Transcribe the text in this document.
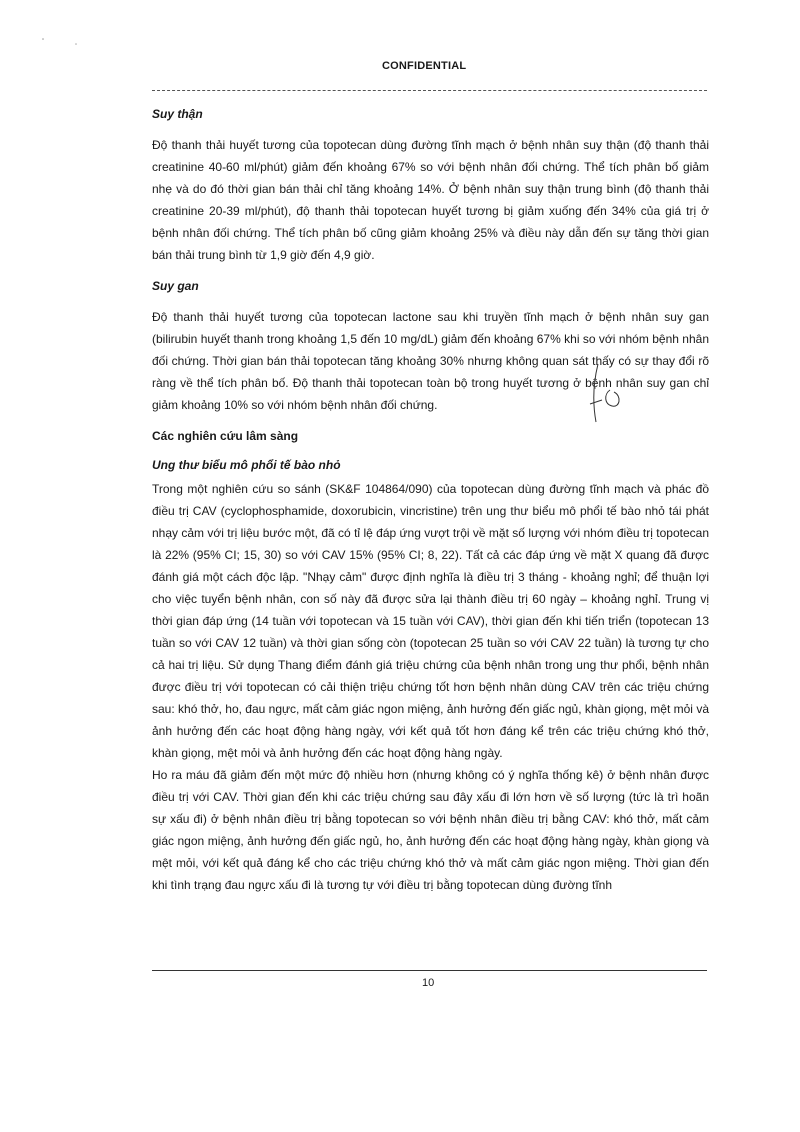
CONFIDENTIAL
Suy thận

Độ thanh thải huyết tương của topotecan dùng đường tĩnh mạch ở bệnh nhân suy thận (độ thanh thải creatinine 40-60 ml/phút) giảm đến khoảng 67% so với bệnh nhân đối chứng. Thể tích phân bố giảm nhẹ và do đó thời gian bán thải chỉ tăng khoảng 14%. Ở bệnh nhân suy thận trung bình (độ thanh thải creatinine 20-39 ml/phút), độ thanh thải topotecan huyết tương bị giảm xuống đến 34% của giá trị ở bệnh nhân đối chứng. Thể tích phân bố cũng giảm khoảng 25% và điều này dẫn đến sự tăng thời gian bán thải trung bình từ 1,9 giờ đến 4,9 giờ.

Suy gan

Độ thanh thải huyết tương của topotecan lactone sau khi truyền tĩnh mạch ở bệnh nhân suy gan (bilirubin huyết thanh trong khoảng 1,5 đến 10 mg/dL) giảm đến khoảng 67% khi so với nhóm bệnh nhân đối chứng. Thời gian bán thải topotecan tăng khoảng 30% nhưng không quan sát thấy có sự thay đổi rõ ràng về thể tích phân bố. Độ thanh thải topotecan toàn bộ trong huyết tương ở bệnh nhân suy gan chỉ giảm khoảng 10% so với nhóm bệnh nhân đối chứng.

Các nghiên cứu lâm sàng
Ung thư biểu mô phổi tế bào nhỏ

Trong một nghiên cứu so sánh (SK&F 104864/090) của topotecan dùng đường tĩnh mạch và phác đồ điều trị CAV (cyclophosphamide, doxorubicin, vincristine) trên ung thư biểu mô phổi tế bào nhỏ tái phát nhạy cảm với trị liệu bước một, đã có tỉ lệ đáp ứng vượt trội về mặt số lượng với nhóm điều trị topotecan là 22% (95% CI; 15, 30) so với CAV 15% (95% CI; 8, 22). Tất cả các đáp ứng về mặt X quang đã được đánh giá một cách độc lập. "Nhạy cảm" được định nghĩa là điều trị 3 tháng - khoảng nghỉ; để thuận lợi cho việc tuyển bệnh nhân, con số này đã được sửa lại thành điều trị 60 ngày – khoảng nghỉ. Trung vị thời gian đáp ứng (14 tuần với topotecan và 15 tuần với CAV), thời gian đến khi tiến triển (topotecan 13 tuần so với CAV 12 tuần) và thời gian sống còn (topotecan 25 tuần so với CAV 22 tuần) là tương tự cho cả hai trị liệu. Sử dụng Thang điểm đánh giá triệu chứng của bệnh nhân trong ung thư phổi, bệnh nhân được điều trị với topotecan có cải thiện triệu chứng tốt hơn bệnh nhân dùng CAV trên các triệu chứng sau: khó thở, ho, đau ngực, mất cảm giác ngon miệng, ảnh hưởng đến giấc ngủ, khàn giọng, mệt mỏi và ảnh hưởng đến các hoạt động hàng ngày, với kết quả tốt hơn đáng kể trên các triệu chứng khó thở, khàn giọng, mệt mỏi và ảnh hưởng đến các hoạt động hàng ngày.

Ho ra máu đã giảm đến một mức độ nhiều hơn (nhưng không có ý nghĩa thống kê) ở bệnh nhân được điều trị với CAV. Thời gian đến khi các triệu chứng sau đây xấu đi lớn hơn về số lượng (tức là trì hoãn sự xấu đi) ở bệnh nhân điều trị bằng topotecan so với bệnh nhân điều trị bằng CAV: khó thở, mất cảm giác ngon miệng, ảnh hưởng đến giấc ngủ, ho, ảnh hưởng đến các hoạt động hàng ngày, khàn giọng và mệt mỏi, với kết quả đáng kể cho các triệu chứng khó thở và mất cảm giác ngon miệng. Thời gian đến khi tình trạng đau ngực xấu đi là tương tự với điều trị bằng topotecan dùng đường tĩnh

10
